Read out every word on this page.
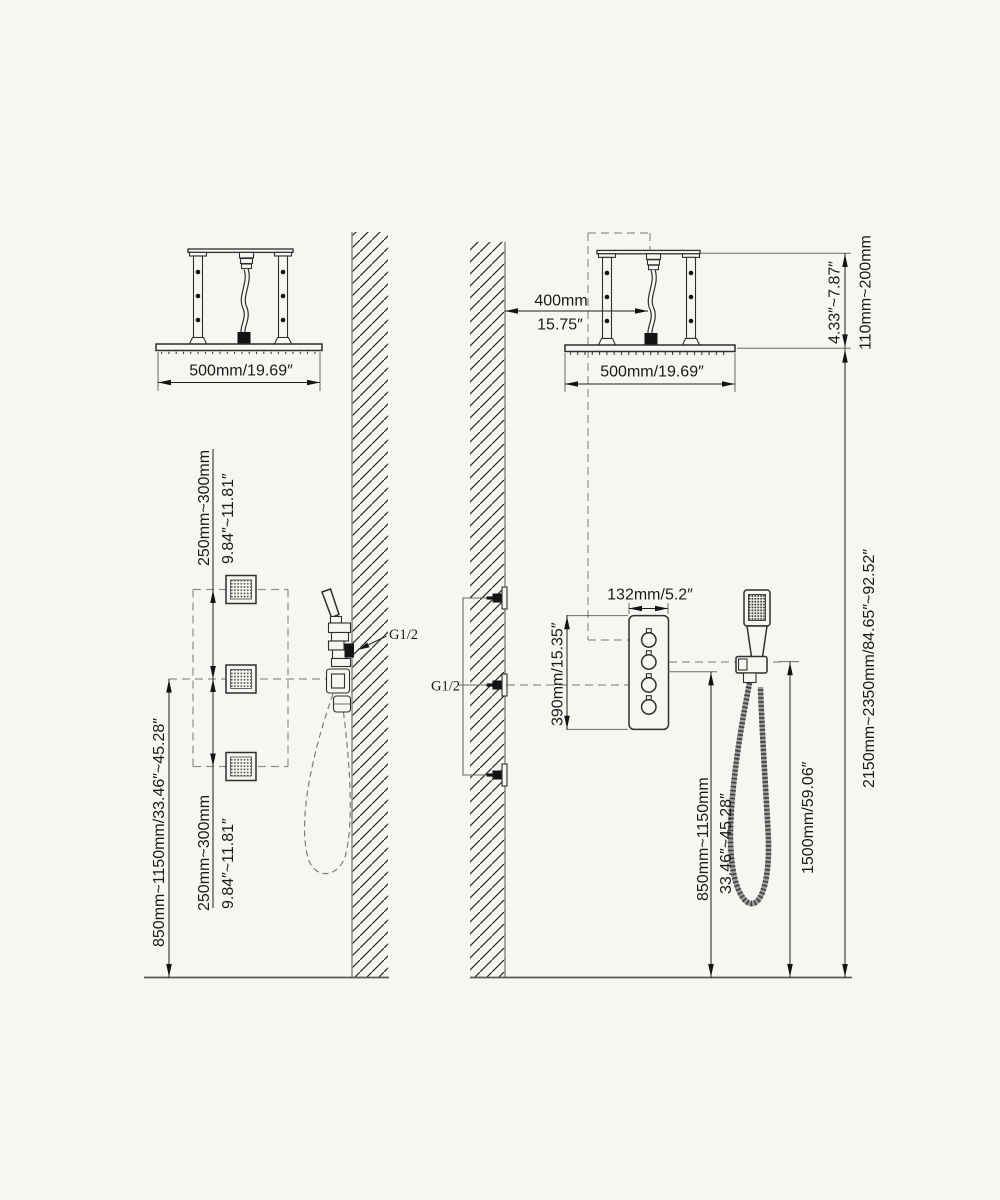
500mm/19.69″
250mm~300mm 9.84″~11.81″
250mm~300mm 9.84″~11.81″
850mm~1150mm/33.46″~45.28″
G1/2
400mm
15.75″
500mm/19.69″
4.33″~7.87″ 110mm~200mm
2150mm~2350mm/84.65″~92.52″
132mm/5.2″
390mm/15.35″
G1/2
850mm~1150mm 33.46″~45.28″	1500mm/59.06″
